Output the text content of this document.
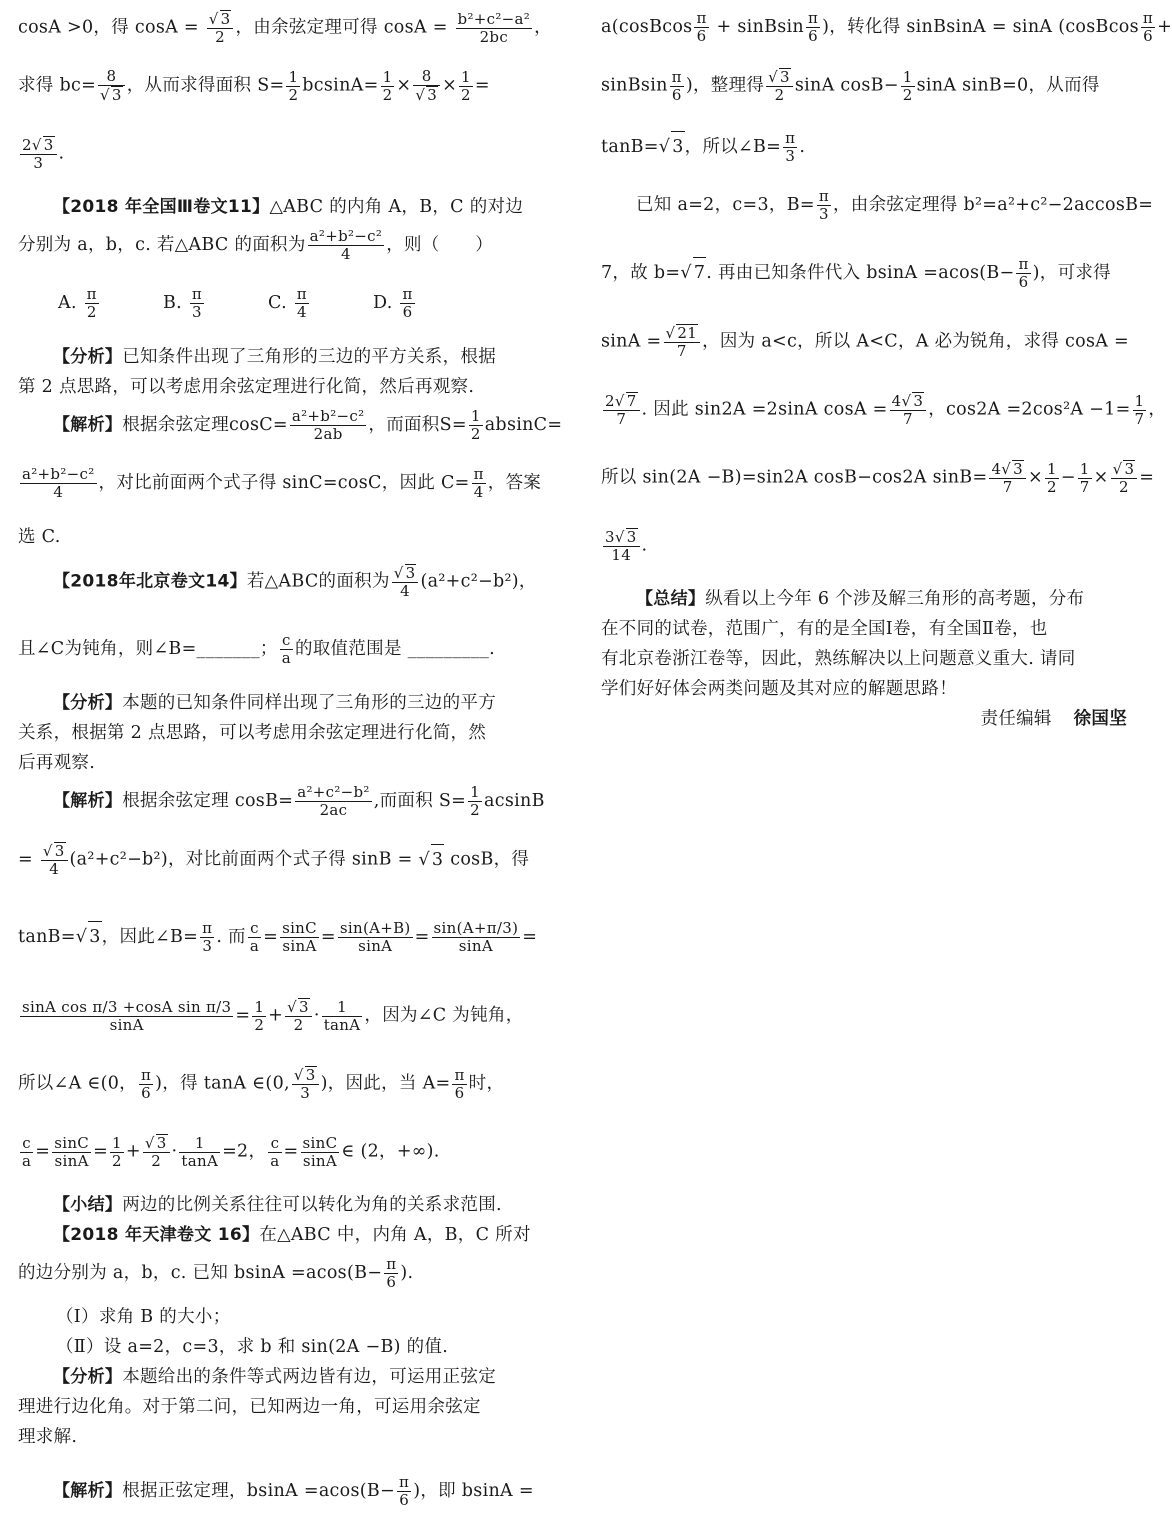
cosA >0，得 $\cos A = \frac{√ 3}{2}$ ，由余弦定理可得 $\cos A = \frac{\text{b²+c²−a²}}{2bc}$ ，
求得 $bc= \frac{8}{√ 3}$ ，从而求得面积 $S= \frac{1}{2} bcsinA= \frac{1}{2} \times \frac{8}{√ 3} \times \frac{1}{2}$ =
$\frac{2√ 3}{3}$ .
【2018 年全国Ⅲ卷文11】△ABC 的内角 A，B，C 的对边
分别为 a，b，c. 若△ABC 的面积为 $\frac{\text{a²+b²−c²}}{4}$ ，则（　　）
A. $\frac{\pi}{2}$	B. $\frac{\pi}{3}$	C. $\frac{\pi}{4}$	D. $\frac{\pi}{6}$
【分析】已知条件出现了三角形的三边的平方关系，根据
第 2 点思路，可以考虑用余弦定理进行化简，然后再观察.
【解析】根据余弦定理$\cos C= \frac{\text{a²+b²−c²}}{2ab}$ ，而面积$S= \frac{1}{2} absinC=$
$\frac{\text{a²+b²−c²}}{4}$ ，对比前面两个式子得 sinC=cosC，因此 $C= \frac{\pi}{4}$ ，答案
选 C.
【2018年北京卷文14】若△ABC的面积为 $\frac{√ 3}{4} (a^2+c^2-b^2)$，
且∠C为钝角，则∠B=_______； $\frac{c}{a}$ 的取值范围是 _________.
【分析】本题的已知条件同样出现了三角形的三边的平方
关系，根据第 2 点思路，可以考虑用余弦定理进行化简，然
后再观察.
【解析】根据余弦定理 $\cos B= \frac{\text{a²+c²−b²}}{2ac}$ ,而面积 $S= \frac{1}{2}$ acsinB
= $\frac{√ 3}{4} (a^2+c^2-b^2)$，对比前面两个式子得 sinB = √ 3 cosB，得
tanB=√ 3，因此∠B= $\frac{\pi}{3}$ . 而 $\frac{c}{a} = \frac{\sin C}{\sin A} = \frac{\sin(A+B)}{\sin A} = \frac{\sin(A+\pi/3)}{\sin A}$ =
$\frac{\text{sinA cos π/3 +cosA sin π/3}}{\sin A} = \frac{1}{2} + \frac{√ 3}{2} \cdot \frac{1}{\tan A}$ ，因为∠C 为钝角，
所以∠A ∈(0， $\frac{\pi}{6}$ )，得 tanA ∈(0, $\frac{√ 3}{3}$ )，因此，当 $A= \frac{\pi}{6}$ 时，
$\frac{c}{a} = \frac{\sin C}{\sin A} = \frac{1}{2} + \frac{√ 3}{2} \cdot \frac{1}{\tan A} =2$， $\frac{c}{a} = \frac{\sin C}{\sin A}$ ∈ (2，+∞).
【小结】两边的比例关系往往可以转化为角的关系求范围.
【2018 年天津卷文 16】在△ABC 中，内角 A，B，C 所对
的边分别为 a，b，c. 已知 $bsinA =acos(B- \frac{\pi}{6}$ ).
（Ⅰ）求角 B 的大小；
（Ⅱ）设 a=2，c=3，求 b 和 sin(2A −B) 的值.
【分析】本题给出的条件等式两边皆有边，可运用正弦定
理进行边化角。对于第二问，已知两边一角，可运用余弦定
理求解.
【解析】根据正弦定理，$bsinA =acos(B- \frac{\pi}{6}$ )，即 bsinA =
a(cosBcos $\frac{\pi}{6}$ + sinBsin $\frac{\pi}{6}$ )，转化得 sinBsinA = sinA (cosBcos $\frac{\pi}{6}$ +
sinBsin $\frac{\pi}{6}$ )，整理得 $\frac{√ 3}{2}$ sinA $\cos B- \frac{1}{2}$ sinA sinB=0，从而得
tanB=√ 3，所以∠B= $\frac{\pi}{3}$ .
已知 a=2，c=3，$B= \frac{\pi}{3}$ ，由余弦定理得 b²=a²+c²−2accosB=
7，故 b=√ 7. 再由已知条件代入 $bsinA =acos(B- \frac{\pi}{6}$ )，可求得
$\sin A = \frac{√ 21}{7}$ ，因为 a<c，所以 A<C，A 必为锐角，求得 cosA =
$\frac{2√ 7}{7}$ . 因此 sin2A =2sinA $\cos A = \frac{4√ 3}{7}$ ，$\cos 2A =2\cos^2A -1= \frac{1}{7}$ ，
所以 sin(2A −B)=sin2A cosB−cos2A $\sin B= \frac{4√ 3}{7} \times \frac{1}{2} - \frac{1}{7} \times \frac{√ 3}{2}$ =
$\frac{3√ 3}{14}$ .
【总结】纵看以上今年 6 个涉及解三角形的高考题，分布
在不同的试卷，范围广，有的是全国Ⅰ卷，有全国Ⅱ卷，也
有北京卷浙江卷等，因此，熟练解决以上问题意义重大. 请同
学们好好体会两类问题及其对应的解题思路！
责任编辑 徐国坚
